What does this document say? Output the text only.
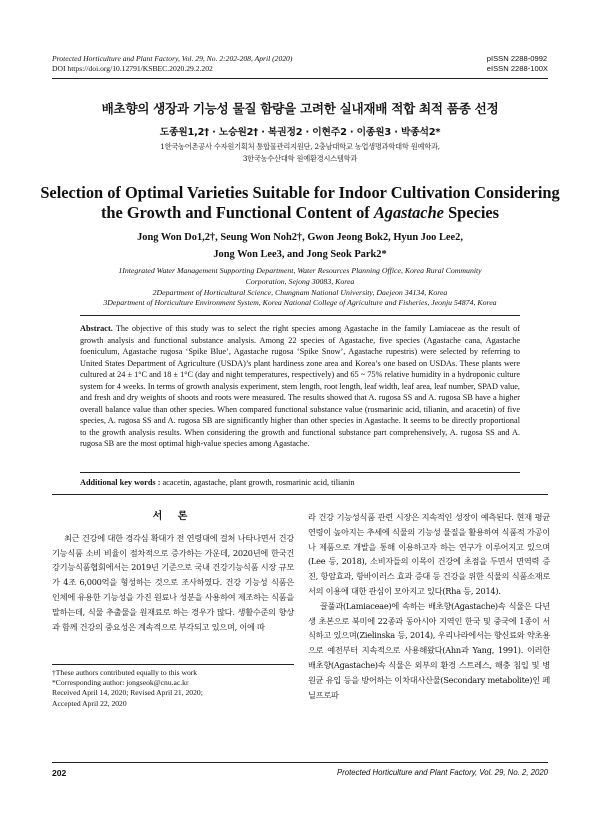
Protected Horticulture and Plant Factory, Vol. 29, No. 2:202-208, April (2020)
DOI https://doi.org/10.12791/KSBEC.2020.29.2.202
pISSN 2288-0992
eISSN 2288-100X
배초향의 생장과 기능성 물질 함량을 고려한 실내재배 적합 최적 품종 선정
도종원1,2† · 노승원2† · 복권정2 · 이현주2 · 이종원3 · 박종석2*
1한국농어촌공사 수자원기획처 통합물관리지원단, 2충남대학교 농업생명과학대학 원예학과,
3한국농수산대학 원예환경시스템학과
Selection of Optimal Varieties Suitable for Indoor Cultivation Considering
the Growth and Functional Content of Agastache Species
Jong Won Do1,2†, Seung Won Noh2†, Gwon Jeong Bok2, Hyun Joo Lee2,
Jong Won Lee3, and Jong Seok Park2*
1Integrated Water Management Supporting Department, Water Resources Planning Office, Korea Rural Community
Corporation, Sejong 30083, Korea
2Department of Horticultural Science, Chungnam National University, Daejeon 34134, Korea
3Department of Horticulture Environment System, Korea National College of Agriculture and Fisheries, Jeonju 54874, Korea
Abstract. The objective of this study was to select the right species among Agastache in the family Lamiaceae as the result of growth analysis and functional substance analysis. Among 22 species of Agastache, five species (Agastache cana, Agastache foeniculum, Agastache rugosa ‘Spike Blue’, Agastache rugosa ‘Spike Snow’, Agastache rupestris) were selected by referring to United States Department of Agriculture (USDA)’s plant hardiness zone area and Korea’s one based on USDAs. These plants were cultured at 24 ± 1°C and 18 ± 1°C (day and night temperatures, respectively) and 65 ~ 75% relative humidity in a hydroponic culture system for 4 weeks. In terms of growth analysis experiment, stem length, root length, leaf width, leaf area, leaf number, SPAD value, and fresh and dry weights of shoots and roots were measured. The results showed that A. rugosa SS and A. rugosa SB have a higher overall balance value than other species. When compared functional substance value (rosmarinic acid, tilianin, and acacetin) of five species, A. rugosa SS and A. rugosa SB are significantly higher than other species in Agastache. It seems to be directly proportional to the growth analysis results. When considering the growth and functional substance part comprehensively, A. rugosa SS and A. rugosa SB are the most optimal high-value species among Agastache.
Additional key words : acacetin, agastache, plant growth, rosmarinic acid, tilianin
서 론

최근 건강에 대한 경각심 확대가 전 연령대에 걸쳐 나타나면서 건강기능식품 소비 비율이 점차적으로 증가하는 가운데, 2020년에 한국건강기능식품협회에서는 2019년 기준으로 국내 건강기능식품 시장 규모가 4조 6,000억을 형성하는 것으로 조사하였다. 건강 기능성 식품은 인체에 유용한 기능성을 가진 원료나 성분을 사용하여 제조하는 식품을 말하는데, 식물 추출물을 원재료로 하는 경우가 많다. 생활수준의 향상과 함께 건강의 중요성은 계속적으로 부각되고 있으며, 이에 따

라 건강 기능성식품 관련 시장은 지속적인 성장이 예측된다. 현재 평균 연령이 높아지는 추세에 식물의 기능성 물질을 활용하여 식품적 가공이나 제품으로 개발을 통해 이용하고자 하는 연구가 이루어지고 있으며(Lee 등, 2018), 소비자들의 이목이 건강에 초점을 두면서 면역력 증진, 항암효과, 항바이러스 효과 증대 등 건강을 위한 식물의 식품소재로서의 이용에 대한 관심이 모아지고 있다(Rha 등, 2014).

꿀풀과(Lamiaceae)에 속하는 배초향(Agastache)속 식물은 다년생 초본으로 북미에 22종과 동아시아 지역인 한국 및 중국에 1종이 서식하고 있으며(Zielinska 등, 2014), 우리나라에서는 향신료와 약초용으로 예전부터 지속적으로 사용해왔다(Ahn과 Yang, 1991). 이러한 배초향(Agastache)속 식물은 외부의 환경 스트레스, 해충 침입 및 병원균 유입 등을 방어하는 이차대사산물(Secondary metabolite)인 페닐프로파

†These authors contributed equally to this work
*Corresponding author: jongseok@cnu.ac.kr
Received April 14, 2020; Revised April 21, 2020;
Accepted April 22, 2020
202	Protected Horticulture and Plant Factory, Vol. 29, No. 2, 2020
